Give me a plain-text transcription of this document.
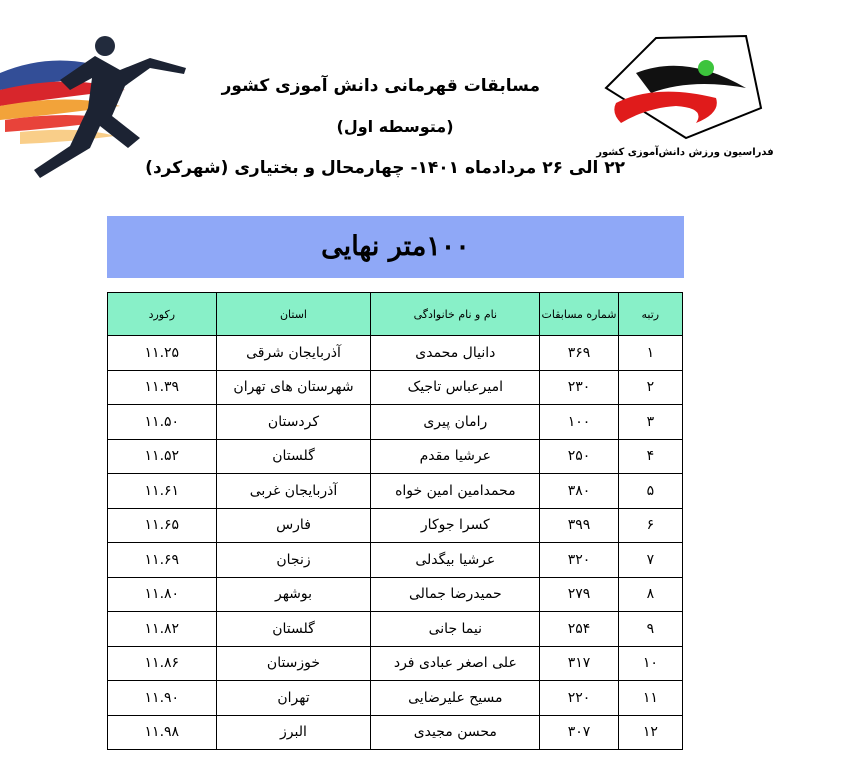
فدراسیون ورزش دانش‌آموزی کشور
مسابقات قهرمانی دانش آموزی کشور
(متوسطه اول)
۲۲ الی ۲۶ مردادماه ۱۴۰۱- چهارمحال و بختیاری (شهرکرد)
۱۰۰متر نهایی
رتبه	شماره مسابقات	نام و نام خانوادگی	استان	رکورد
۱	۳۶۹	دانیال محمدی	آذربایجان شرقی	۱۱.۲۵
۲	۲۳۰	امیرعباس تاجیک	شهرستان های تهران	۱۱.۳۹
۳	۱۰۰	رامان پیری	کردستان	۱۱.۵۰
۴	۲۵۰	عرشیا مقدم	گلستان	۱۱.۵۲
۵	۳۸۰	محمدامین امین خواه	آذربایجان غربی	۱۱.۶۱
۶	۳۹۹	کسرا جوکار	فارس	۱۱.۶۵
۷	۳۲۰	عرشیا بیگدلی	زنجان	۱۱.۶۹
۸	۲۷۹	حمیدرضا جمالی	بوشهر	۱۱.۸۰
۹	۲۵۴	نیما جانی	گلستان	۱۱.۸۲
۱۰	۳۱۷	علی اصغر عبادی فرد	خوزستان	۱۱.۸۶
۱۱	۲۲۰	مسیح علیرضایی	تهران	۱۱.۹۰
۱۲	۳۰۷	محسن مجیدی	البرز	۱۱.۹۸
